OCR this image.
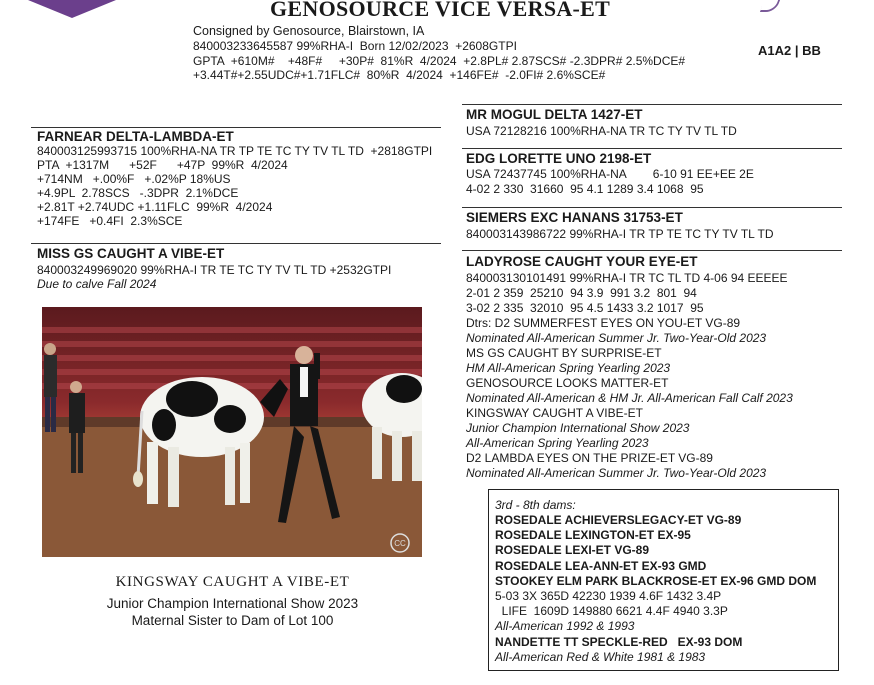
GENOSOURCE VICE VERSA-ET
Consigned by Genosource, Blairstown, IA
840003233645587 99%RHA-I  Born 12/02/2023  +2608GTPI
GPTA  +610M#    +48F#     +30P#  81%R  4/2024  +2.8PL# 2.87SCS# -2.3DPR# 2.5%DCE#
+3.44T#+2.55UDC#+1.71FLC#  80%R  4/2024  +146FE#  -2.0FI# 2.6%SCE#
A1A2 | BB
FARNEAR DELTA-LAMBDA-ET
840003125993715 100%RHA-NA TR TP TE TC TY TV TL TD  +2818GTPI
PTA  +1317M      +52F      +47P  99%R  4/2024
+714NM   +.00%F   +.02%P 18%US
+4.9PL  2.78SCS   -.3DPR  2.1%DCE
+2.81T +2.74UDC +1.11FLC  99%R  4/2024
+174FE   +0.4FI  2.3%SCE
MISS GS CAUGHT A VIBE-ET
840003249969020 99%RHA-I TR TE TC TY TV TL TD +2532GTPI
Due to calve Fall 2024
CC
KINGSWAY CAUGHT A VIBE-ET
Junior Champion International Show 2023
Maternal Sister to Dam of Lot 100
MR MOGUL DELTA 1427-ET
USA 72128216 100%RHA-NA TR TC TY TV TL TD
EDG LORETTE UNO 2198-ET
USA 72437745 100%RHA-NA        6-10 91 EE+EE 2E
4-02 2 330  31660  95 4.1 1289 3.4 1068  95
SIEMERS EXC HANANS 31753-ET
840003143986722 99%RHA-I TR TP TE TC TY TV TL TD
LADYROSE CAUGHT YOUR EYE-ET
840003130101491 99%RHA-I TR TC TL TD 4-06 94 EEEEE
2-01 2 359  25210  94 3.9  991 3.2  801  94
3-02 2 335  32010  95 4.5 1433 3.2 1017  95
Dtrs: D2 SUMMERFEST EYES ON YOU-ET VG-89
Nominated All-American Summer Jr. Two-Year-Old 2023
MS GS CAUGHT BY SURPRISE-ET
HM All-American Spring Yearling 2023
GENOSOURCE LOOKS MATTER-ET
Nominated All-American & HM Jr. All-American Fall Calf 2023
KINGSWAY CAUGHT A VIBE-ET
Junior Champion International Show 2023
All-American Spring Yearling 2023
D2 LAMBDA EYES ON THE PRIZE-ET VG-89
Nominated All-American Summer Jr. Two-Year-Old 2023
3rd - 8th dams:
ROSEDALE ACHIEVERSLEGACY-ET VG-89
ROSEDALE LEXINGTON-ET EX-95
ROSEDALE LEXI-ET VG-89
ROSEDALE LEA-ANN-ET EX-93 GMD
STOOKEY ELM PARK BLACKROSE-ET EX-96 GMD DOM
5-03 3X 365D 42230 1939 4.6F 1432 3.4P
LIFE  1609D 149880 6621 4.4F 4940 3.3P
All-American 1992 & 1993
NANDETTE TT SPECKLE-RED   EX-93 DOM
All-American Red & White 1981 & 1983
